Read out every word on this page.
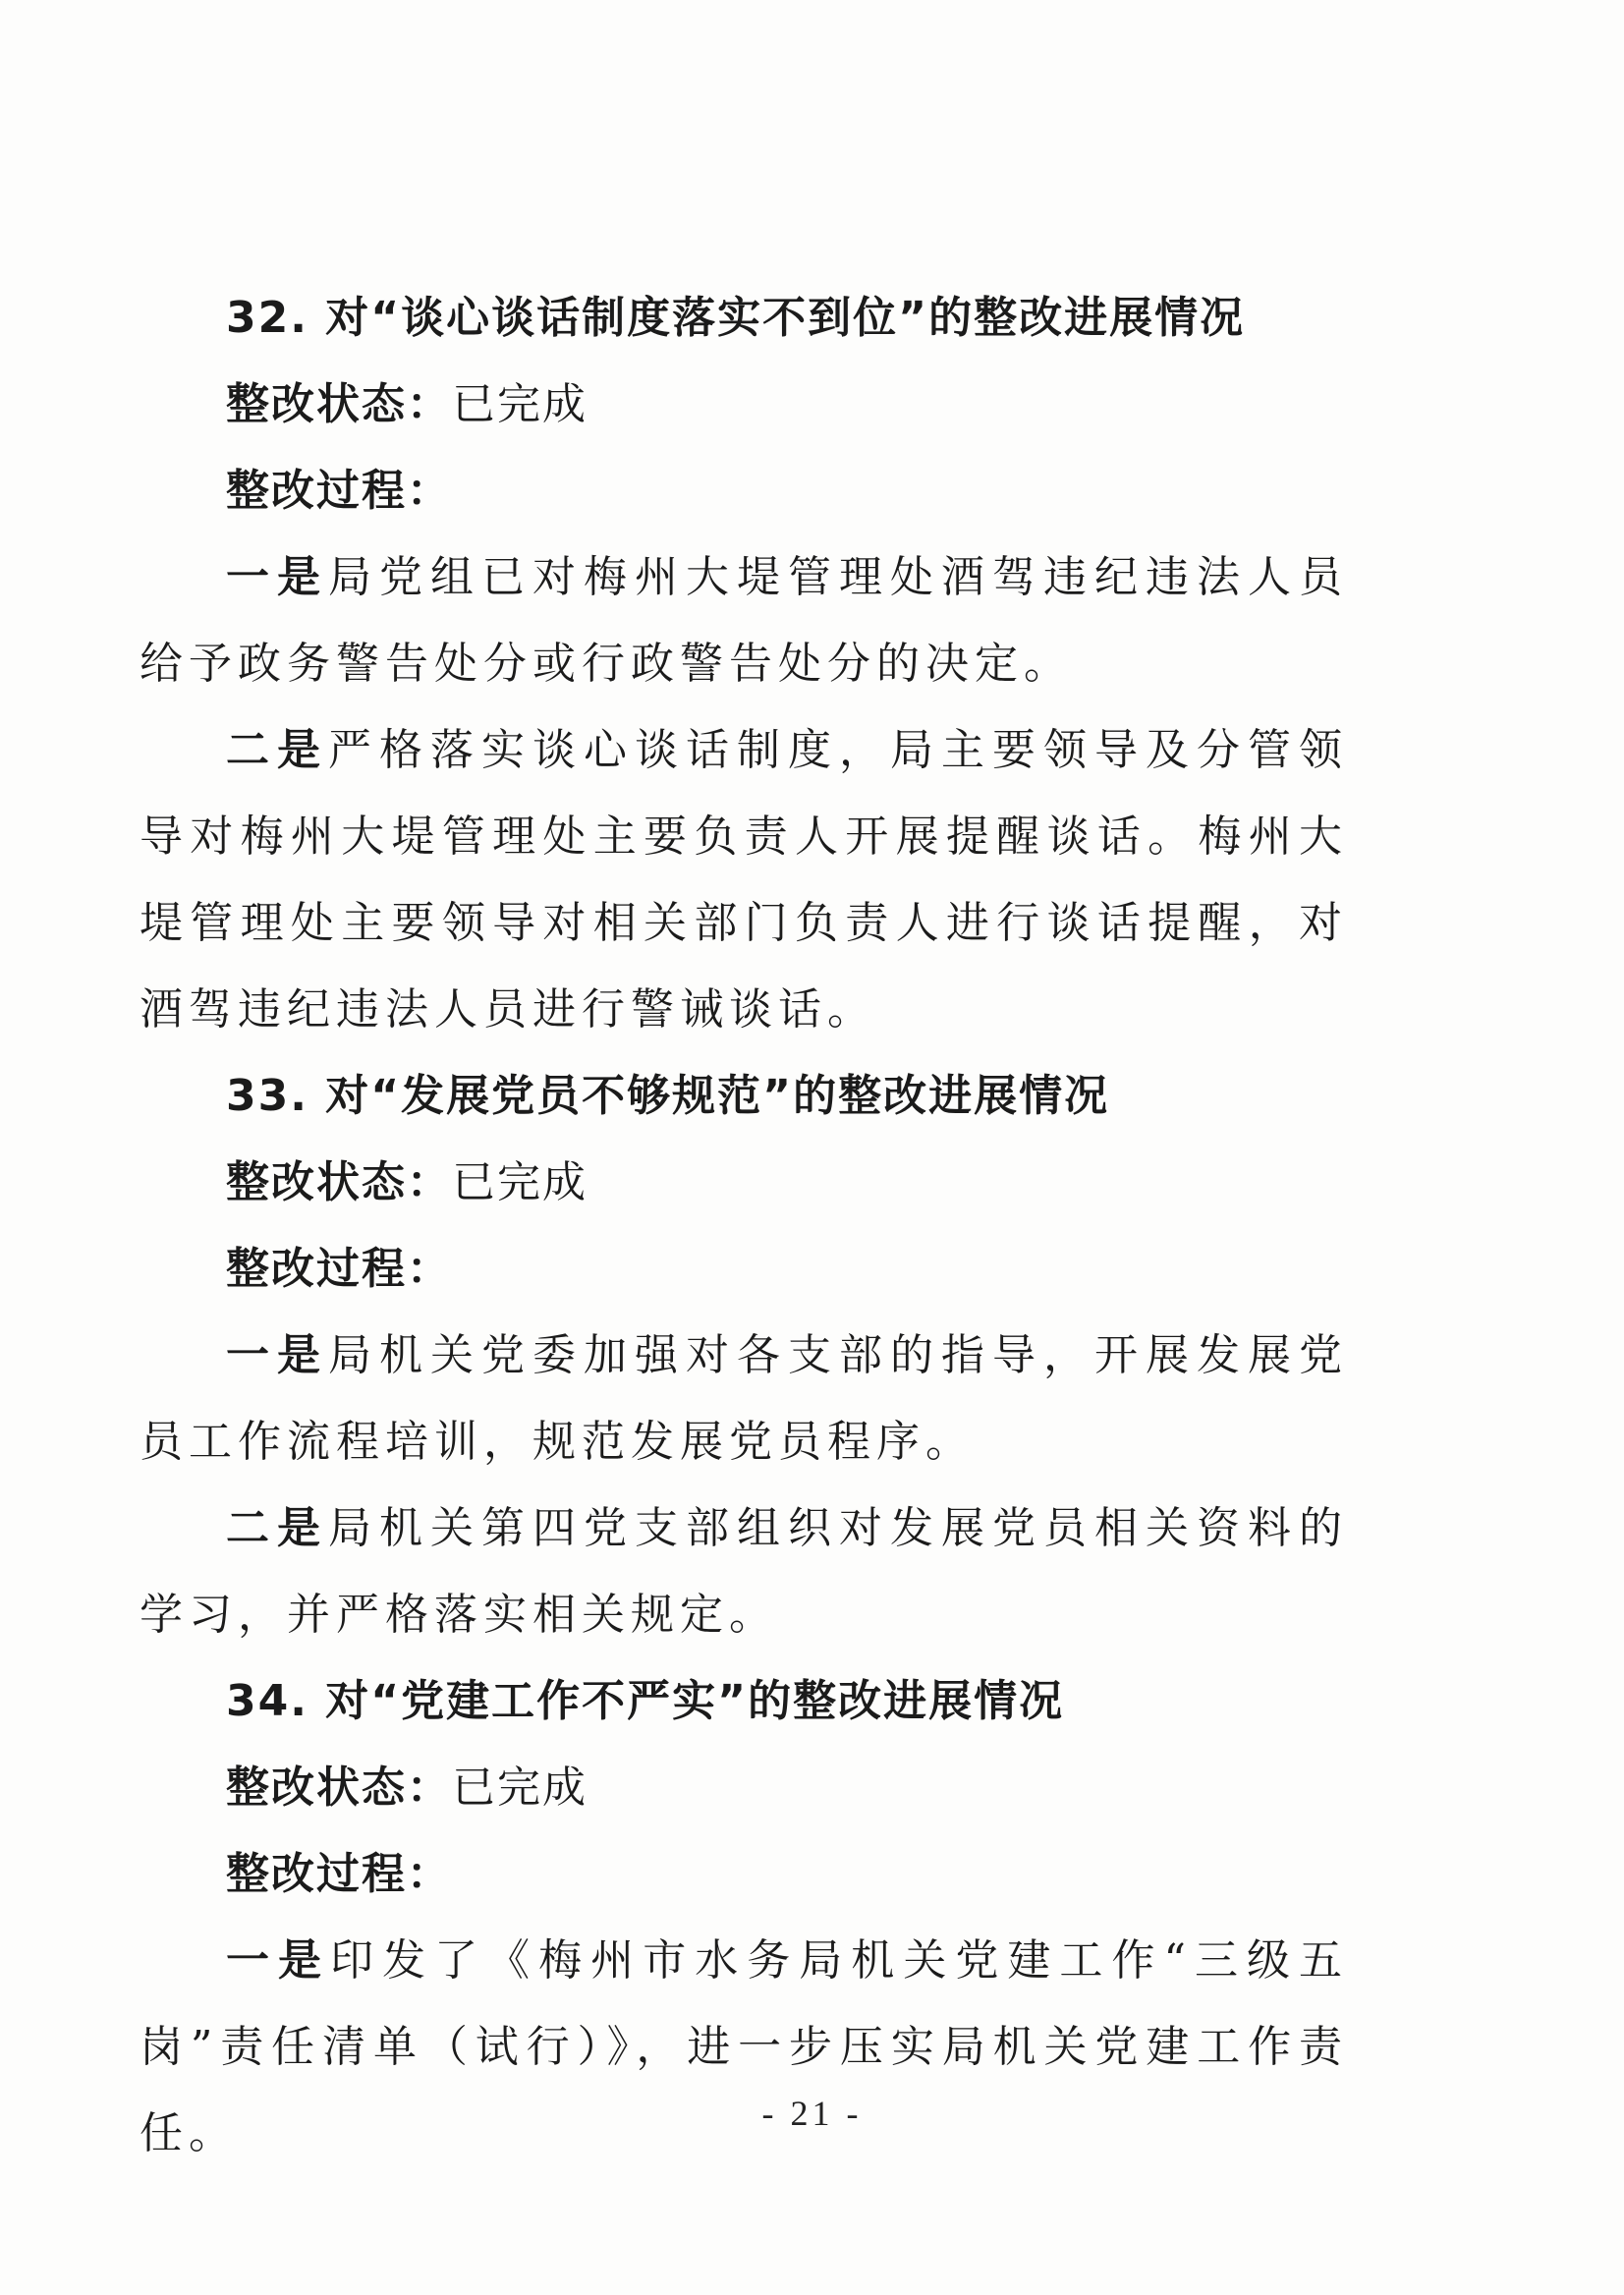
32. 对“谈心谈话制度落实不到位”的整改进展情况

整改状态：已完成

整改过程：

一是局党组已对梅州大堤管理处酒驾违纪违法人员给予政务警告处分或行政警告处分的决定。

二是严格落实谈心谈话制度，局主要领导及分管领导对梅州大堤管理处主要负责人开展提醒谈话。梅州大堤管理处主要领导对相关部门负责人进行谈话提醒，对酒驾违纪违法人员进行警诫谈话。

33. 对“发展党员不够规范”的整改进展情况

整改状态：已完成

整改过程：

一是局机关党委加强对各支部的指导，开展发展党员工作流程培训，规范发展党员程序。

二是局机关第四党支部组织对发展党员相关资料的学习，并严格落实相关规定。

34. 对“党建工作不严实”的整改进展情况

整改状态：已完成

整改过程：

一是印发了《梅州市水务局机关党建工作“三级五岗”责任清单（试行）》，进一步压实局机关党建工作责任。	- 21 -
